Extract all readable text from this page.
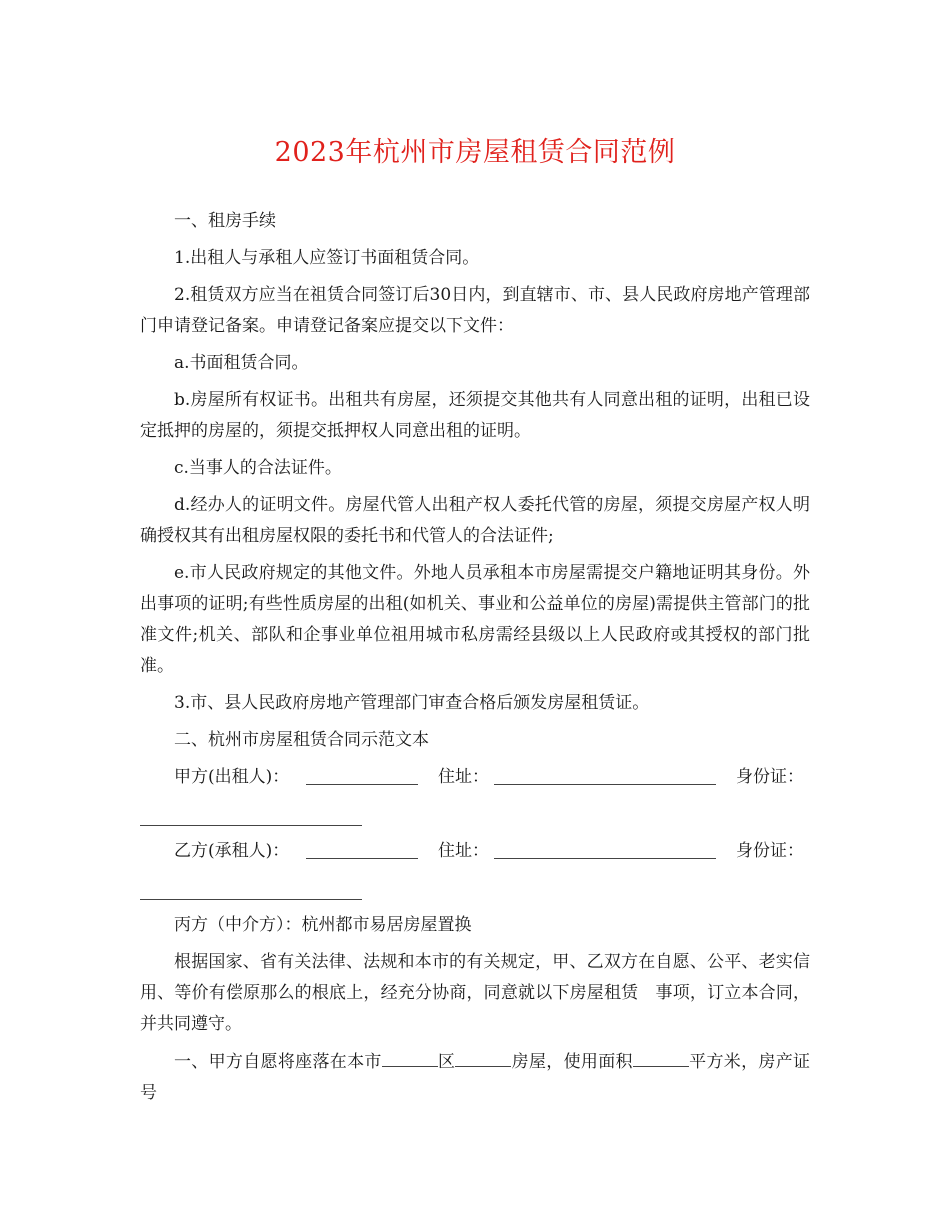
2023年杭州市房屋租赁合同范例

一、租房手续

1.出租人与承租人应签订书面租赁合同。

2.租赁双方应当在祖赁合同签订后30日内，到直辖市、市、县人民政府房地产管理部门申请登记备案。申请登记备案应提交以下文件：

a.书面租赁合同。

b.房屋所有权证书。出租共有房屋，还须提交其他共有人同意出租的证明，出租已设定抵押的房屋的，须提交抵押权人同意出租的证明。

c.当事人的合法证件。

d.经办人的证明文件。房屋代管人出租产权人委托代管的房屋，须提交房屋产权人明确授权其有出租房屋权限的委托书和代管人的合法证件;

e.市人民政府规定的其他文件。外地人员承租本市房屋需提交户籍地证明其身份。外出事项的证明;有些性质房屋的出租(如机关、事业和公益单位的房屋)需提供主管部门的批准文件;机关、部队和企事业单位祖用城市私房需经县级以上人民政府或其授权的部门批准。

3.市、县人民政府房地产管理部门审查合格后颁发房屋租赁证。

二、杭州市房屋租赁合同示范文本

甲方(出租人)：	住址：	身份证：
乙方(承租人)：	住址：	身份证：

丙方（中介方）：杭州都市易居房屋置换

根据国家、省有关法律、法规和本市的有关规定，甲、乙双方在自愿、公平、老实信用、等价有偿原那么的根底上，经充分协商，同意就以下房屋租赁　事项，订立本合同，并共同遵守。

一、甲方自愿将座落在本市	区	房屋，使用面积	平方米，房产证号
